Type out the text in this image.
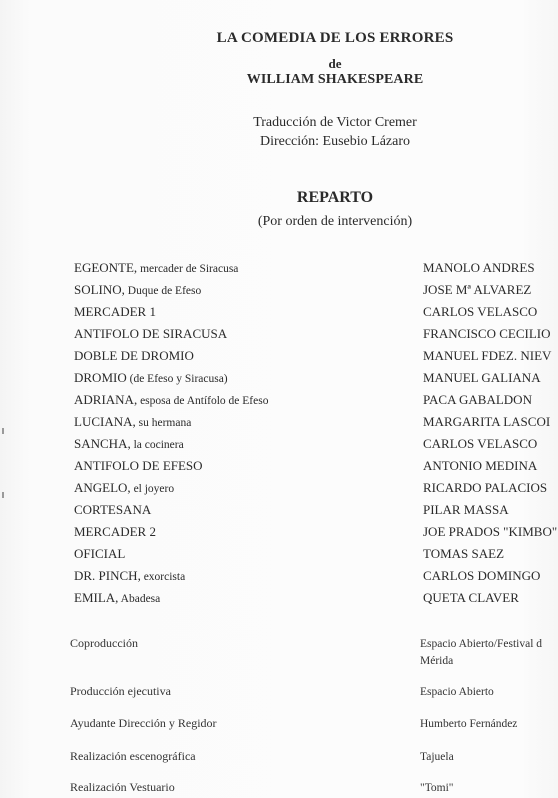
LA COMEDIA DE LOS ERRORES
de
WILLIAM SHAKESPEARE
Traducción de Victor Cremer
Dirección: Eusebio Lázaro
REPARTO
(Por orden de intervención)
EGEONTE, mercader de Siracusa	MANOLO ANDRES
SOLINO, Duque de Efeso	JOSE Mª ALVAREZ
MERCADER 1	CARLOS VELASCO
ANTIFOLO DE SIRACUSA	FRANCISCO CECILIO
DOBLE DE DROMIO	MANUEL FDEZ. NIEV
DROMIO (de Efeso y Siracusa)	MANUEL GALIANA
ADRIANA, esposa de Antífolo de Efeso	PACA GABALDON
LUCIANA, su hermana	MARGARITA LASCOI
SANCHA, la cocinera	CARLOS VELASCO
ANTIFOLO DE EFESO	ANTONIO MEDINA
ANGELO, el joyero	RICARDO PALACIOS
CORTESANA	PILAR MASSA
MERCADER 2	JOE PRADOS "KIMBO"
OFICIAL	TOMAS SAEZ
DR. PINCH, exorcista	CARLOS DOMINGO
EMILA, Abadesa	QUETA CLAVER
Coproducción	Espacio Abierto/Festival d
Mérida
Producción ejecutiva	Espacio Abierto
Ayudante Dirección y Regidor	Humberto Fernández
Realización escenográfica	Tajuela
Realización Vestuario	"Tomi"
